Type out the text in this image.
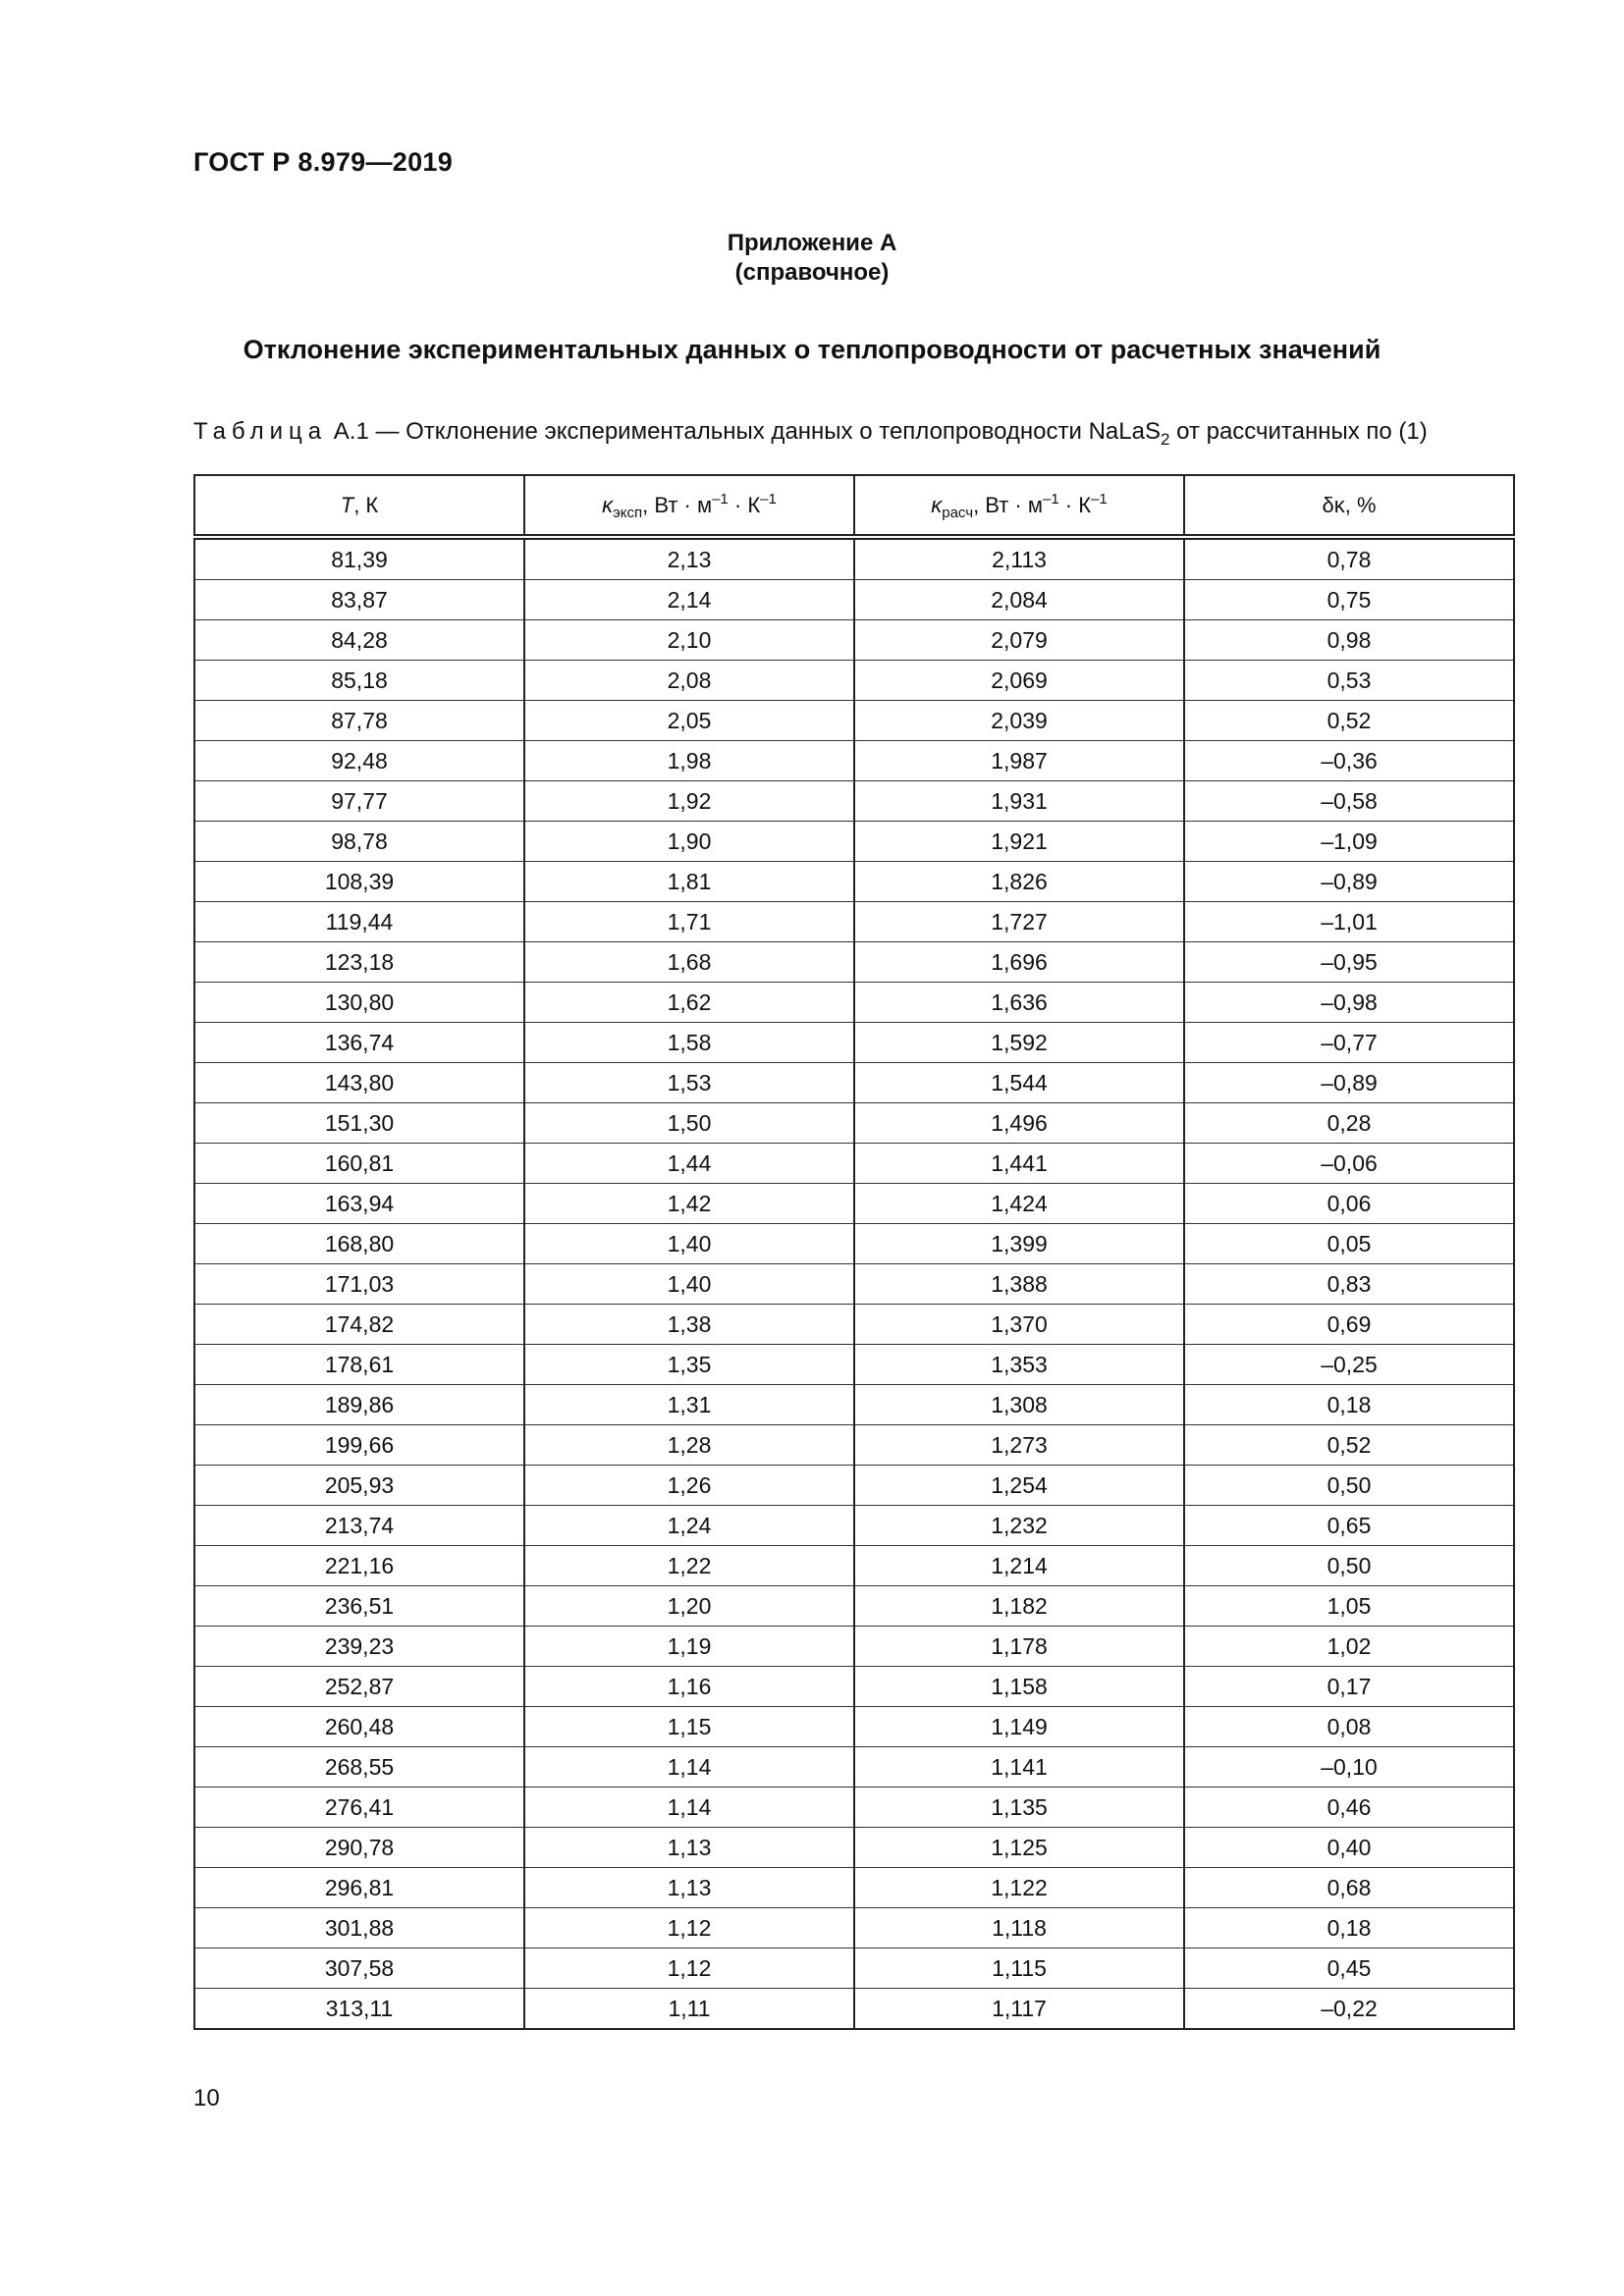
ГОСТ Р 8.979—2019
Приложение А
(справочное)
Отклонение экспериментальных данных о теплопроводности от расчетных значений
Таблица А.1 — Отклонение экспериментальных данных о теплопроводности NaLaS$_2$ от рассчитанных по (1)
T, К	$\kappa_{эксп}$, Вт · $м^{-1} \cdot К^{-1}$	$\kappa_{расч}$, Вт · $м^{-1} \cdot К^{-1}$	δκ, %
81,39	2,13	2,113	0,78
83,87	2,14	2,084	0,75
84,28	2,10	2,079	0,98
85,18	2,08	2,069	0,53
87,78	2,05	2,039	0,52
92,48	1,98	1,987	–0,36
97,77	1,92	1,931	–0,58
98,78	1,90	1,921	–1,09
108,39	1,81	1,826	–0,89
119,44	1,71	1,727	–1,01
123,18	1,68	1,696	–0,95
130,80	1,62	1,636	–0,98
136,74	1,58	1,592	–0,77
143,80	1,53	1,544	–0,89
151,30	1,50	1,496	0,28
160,81	1,44	1,441	–0,06
163,94	1,42	1,424	0,06
168,80	1,40	1,399	0,05
171,03	1,40	1,388	0,83
174,82	1,38	1,370	0,69
178,61	1,35	1,353	–0,25
189,86	1,31	1,308	0,18
199,66	1,28	1,273	0,52
205,93	1,26	1,254	0,50
213,74	1,24	1,232	0,65
221,16	1,22	1,214	0,50
236,51	1,20	1,182	1,05
239,23	1,19	1,178	1,02
252,87	1,16	1,158	0,17
260,48	1,15	1,149	0,08
268,55	1,14	1,141	–0,10
276,41	1,14	1,135	0,46
290,78	1,13	1,125	0,40
296,81	1,13	1,122	0,68
301,88	1,12	1,118	0,18
307,58	1,12	1,115	0,45
313,11	1,11	1,117	–0,22
10
